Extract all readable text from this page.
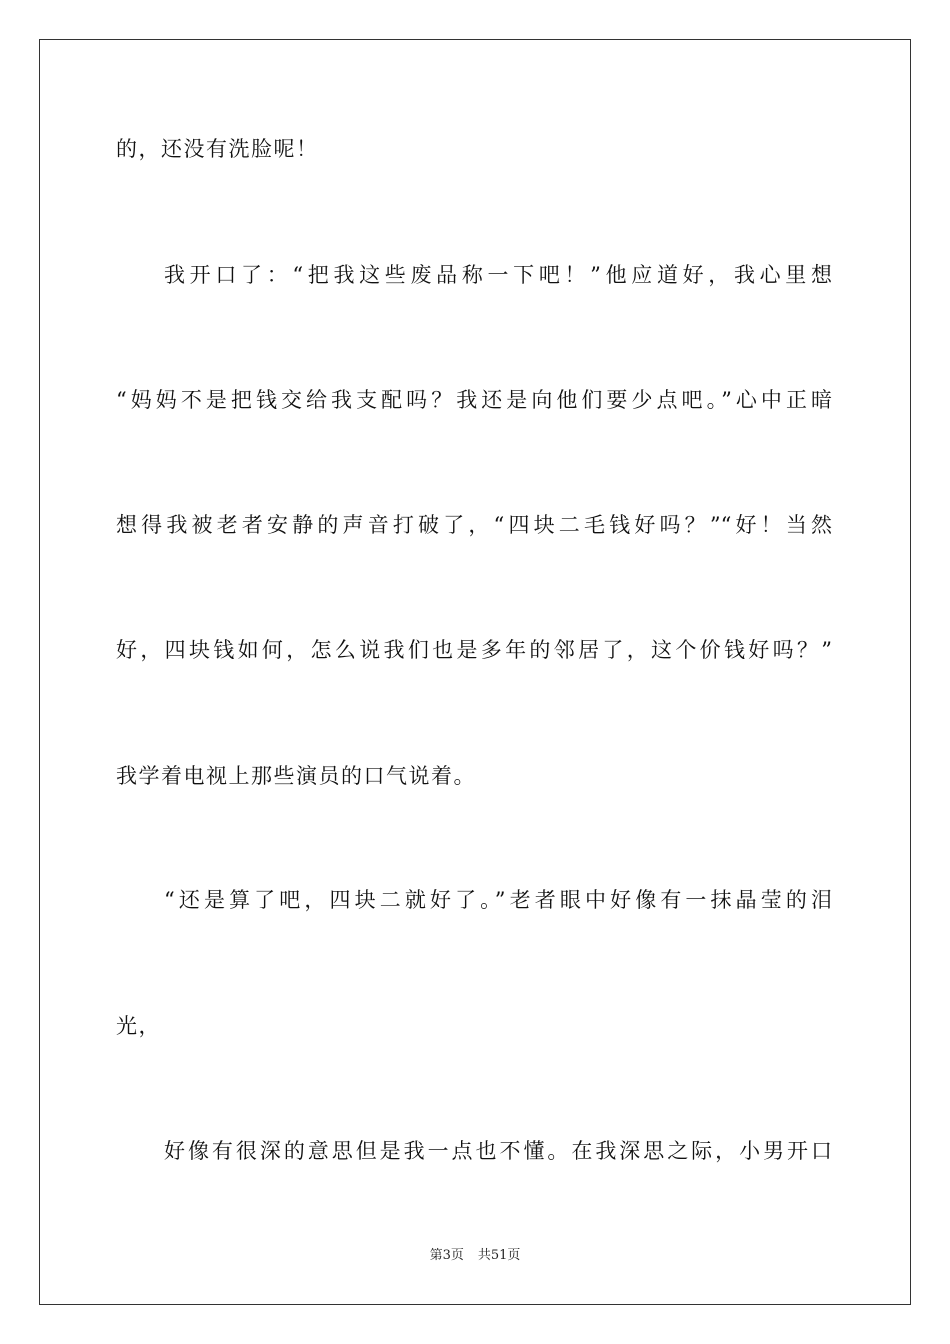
的，还没有洗脸呢！
我开口了：“把我这些废品称一下吧！”他应道好，我心里想
“妈妈不是把钱交给我支配吗？我还是向他们要少点吧。”心中正暗
想得我被老者安静的声音打破了，“四块二毛钱好吗？”“好！当然
好，四块钱如何，怎么说我们也是多年的邻居了，这个价钱好吗？”
我学着电视上那些演员的口气说着。
“还是算了吧，四块二就好了。”老者眼中好像有一抹晶莹的泪
光，
好像有很深的意思但是我一点也不懂。在我深思之际，小男开口
第3页 共51页
